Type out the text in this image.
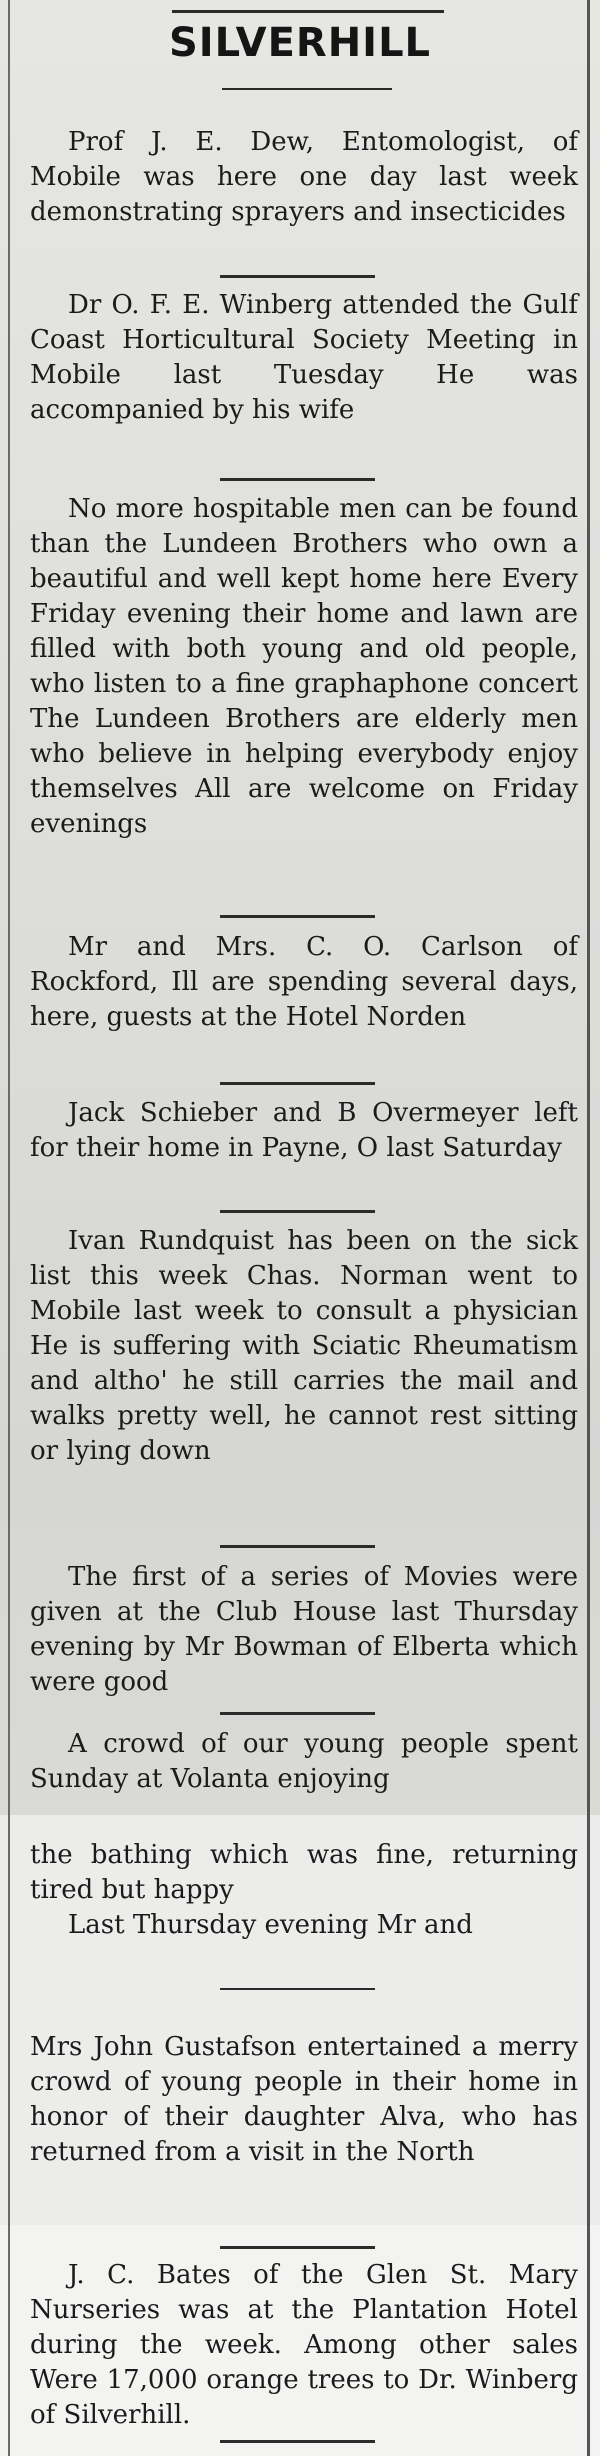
SILVERHILL

Prof J. E. Dew, Entomologist, of Mobile was here one day last week demonstrating sprayers and insecticides

Dr O. F. E. Winberg attended the Gulf Coast Horticultural Society Meeting in Mobile last Tuesday He was accompanied by his wife

No more hospitable men can be found than the Lundeen Brothers who own a beautiful and well kept home here Every Friday evening their home and lawn are filled with both young and old people, who listen to a fine graphaphone concert The Lundeen Brothers are elderly men who believe in helping everybody enjoy themselves All are welcome on Friday evenings

Mr and Mrs. C. O. Carlson of Rockford, Ill are spending several days, here, guests at the Hotel Norden

Jack Schieber and B Overmeyer left for their home in Payne, O last Saturday

Ivan Rundquist has been on the sick list this week Chas. Norman went to Mobile last week to consult a physician He is suffering with Sciatic Rheumatism and altho' he still carries the mail and walks pretty well, he cannot rest sitting or lying down

The first of a series of Movies were given at the Club House last Thursday evening by Mr Bowman of Elberta which were good

A crowd of our young people spent Sunday at Volanta enjoying

the bathing which was fine, returning tired but happy

Last Thursday evening Mr and

Mrs John Gustafson entertained a merry crowd of young people in their home in honor of their daughter Alva, who has returned from a visit in the North

J. C. Bates of the Glen St. Mary Nurseries was at the Plantation Hotel during the week. Among other sales Were 17,000 orange trees to Dr. Winberg of Silverhill.
